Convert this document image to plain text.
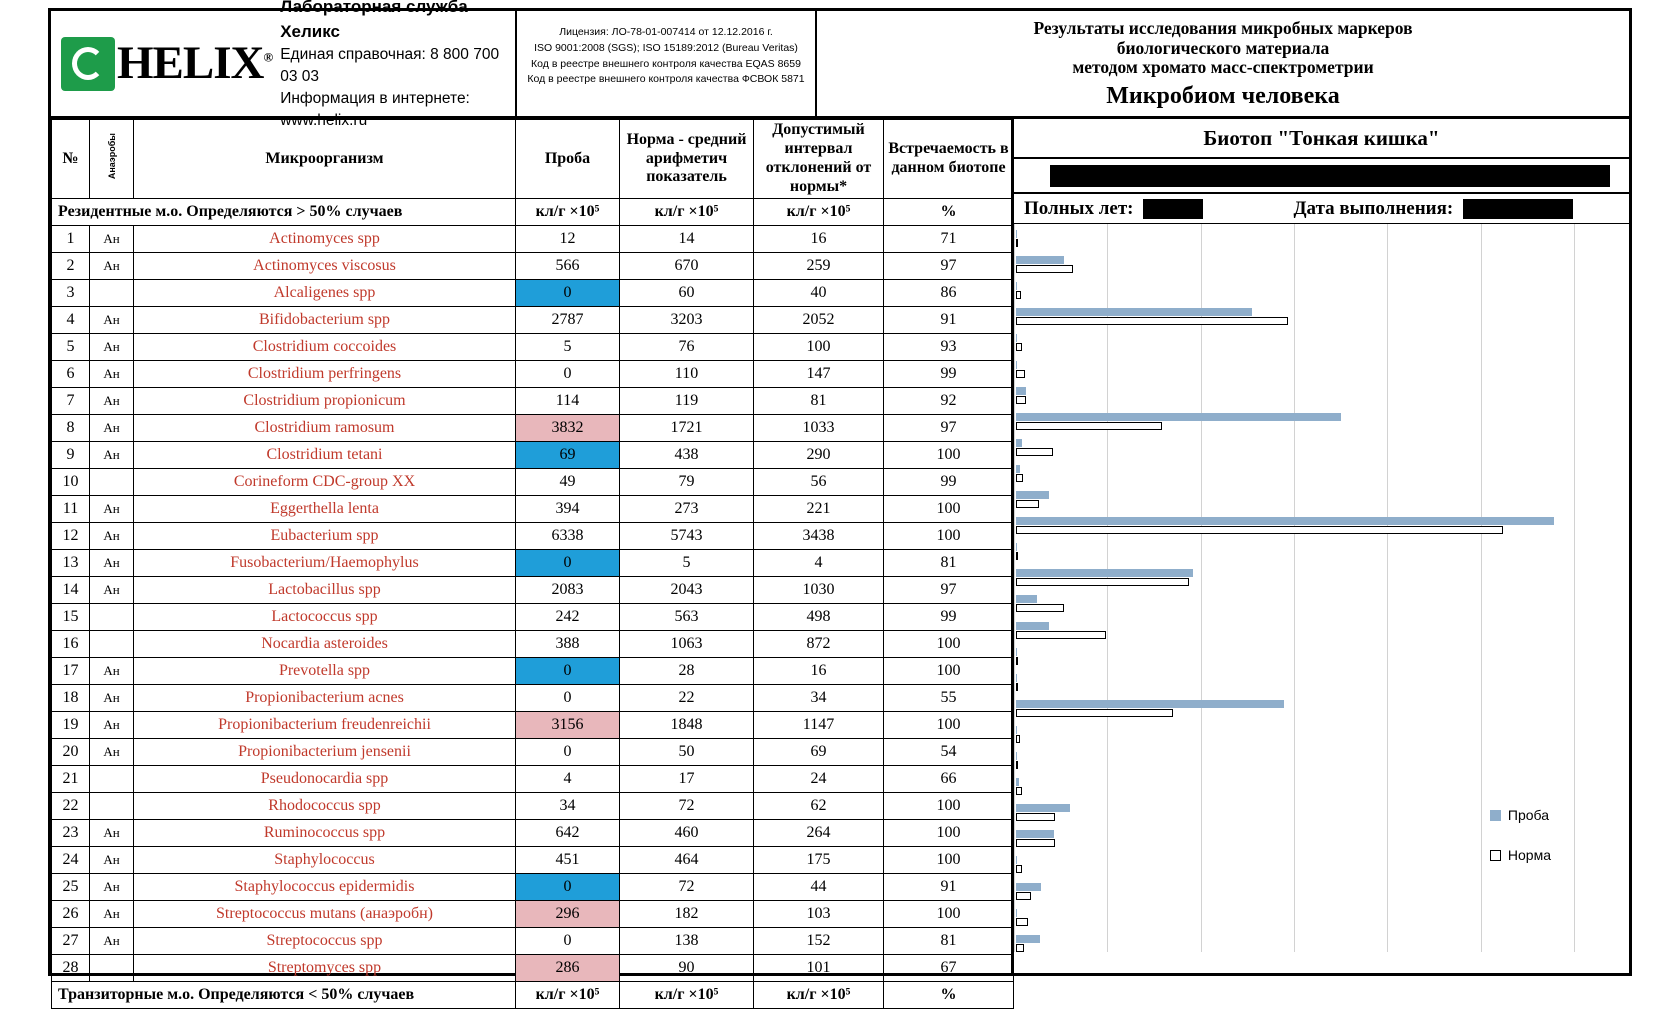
HELIX®
Лабораторная служба Хеликс
Единая справочная: 8 800 700 03 03
Информация в интернете: www.helix.ru
Лицензия: ЛО-78-01-007414 от 12.12.2016 г.
ISO 9001:2008 (SGS); ISO 15189:2012 (Bureau Veritas)
Код в реестре внешнего контроля качества EQAS 8659
Код в реестре внешнего контроля качества ФСВОК 5871
Результаты исследования микробных маркеров
биологического материала
методом хромато масс-спектрометрии
Микробиом человека
№	Анаэробы	Микроорганизм	Проба	Норма - средний арифметич показатель	Допустимый интервал отклонений от нормы*	Встречаемость в данном биотопе
Резидентные м.о. Определяются > 50% случаев			кл/г ×10⁵	кл/г ×10⁵	кл/г ×10⁵	%
1	Ан	Actinomyces spp	12	14	16	71
2	Ан	Actinomyces viscosus	566	670	259	97
3		Alcaligenes spp	0	60	40	86
4	Ан	Bifidobacterium spp	2787	3203	2052	91
5	Ан	Clostridium coccoides	5	76	100	93
6	Ан	Clostridium perfringens	0	110	147	99
7	Ан	Clostridium propionicum	114	119	81	92
8	Ан	Clostridium ramosum	3832	1721	1033	97
9	Ан	Clostridium tetani	69	438	290	100
10		Corineform CDC-group XX	49	79	56	99
11	Ан	Eggerthella lenta	394	273	221	100
12	Ан	Eubacterium spp	6338	5743	3438	100
13	Ан	Fusobacterium/Haemophylus	0	5	4	81
14	Ан	Lactobacillus spp	2083	2043	1030	97
15		Lactococcus spp	242	563	498	99
16		Nocardia asteroides	388	1063	872	100
17	Ан	Prevotella spp	0	28	16	100
18	Ан	Propionibacterium acnes	0	22	34	55
19	Ан	Propionibacterium freudenreichii	3156	1848	1147	100
20	Ан	Propionibacterium jensenii	0	50	69	54
21		Pseudonocardia spp	4	17	24	66
22		Rhodococcus spp	34	72	62	100
23	Ан	Ruminococcus spp	642	460	264	100
24	Ан	Staphylococcus	451	464	175	100
25	Ан	Staphylococcus epidermidis	0	72	44	91
26	Ан	Streptococcus mutans (анаэробн)	296	182	103	100
27	Ан	Streptococcus spp	0	138	152	81
28		Streptomyces spp	286	90	101	67
Транзиторные м.о. Определяются < 50% случаев			кл/г ×10⁵	кл/г ×10⁵	кл/г ×10⁵	%
Биотоп "Тонкая кишка"
Полных лет:	Дата выполнения:
Проба
Норма
